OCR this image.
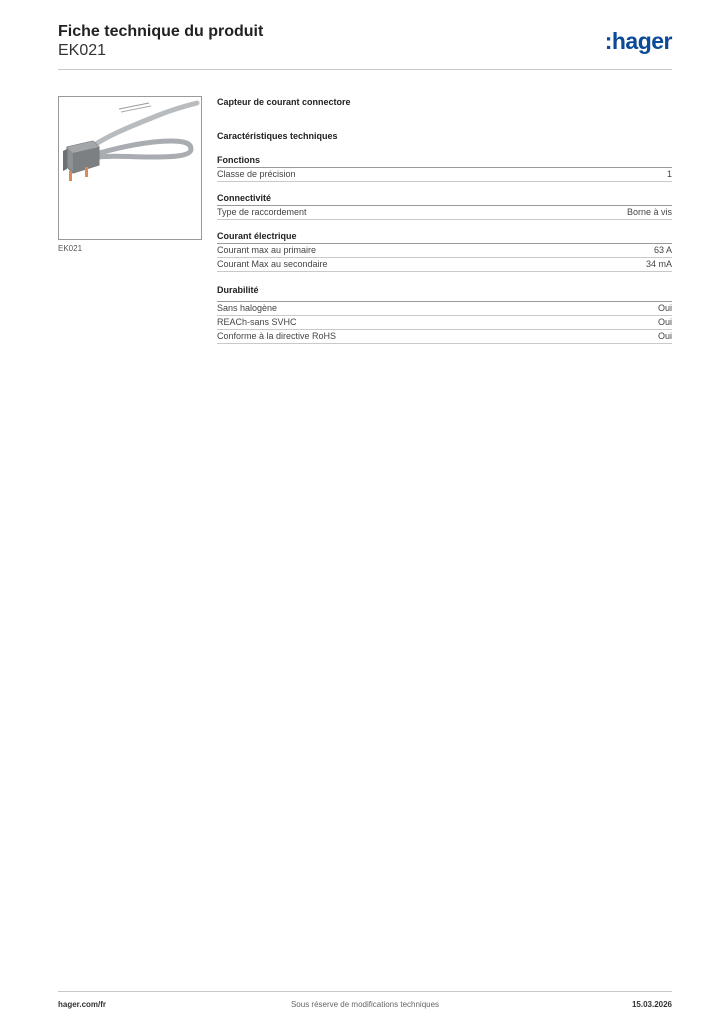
Fiche technique du produit
EK021	:hager
EK021
Capteur de courant connectore
Caractéristiques techniques
Fonctions
Classe de précision	1
Connectivité
Type de raccordement	Borne à vis
Courant électrique
Courant max au primaire	63 A
Courant Max au secondaire	34 mA
Durabilité
Sans halogène	Oui
REACh-sans SVHC	Oui
Conforme à la directive RoHS	Oui
hager.com/fr	Sous réserve de modifications techniques	15.03.2026
